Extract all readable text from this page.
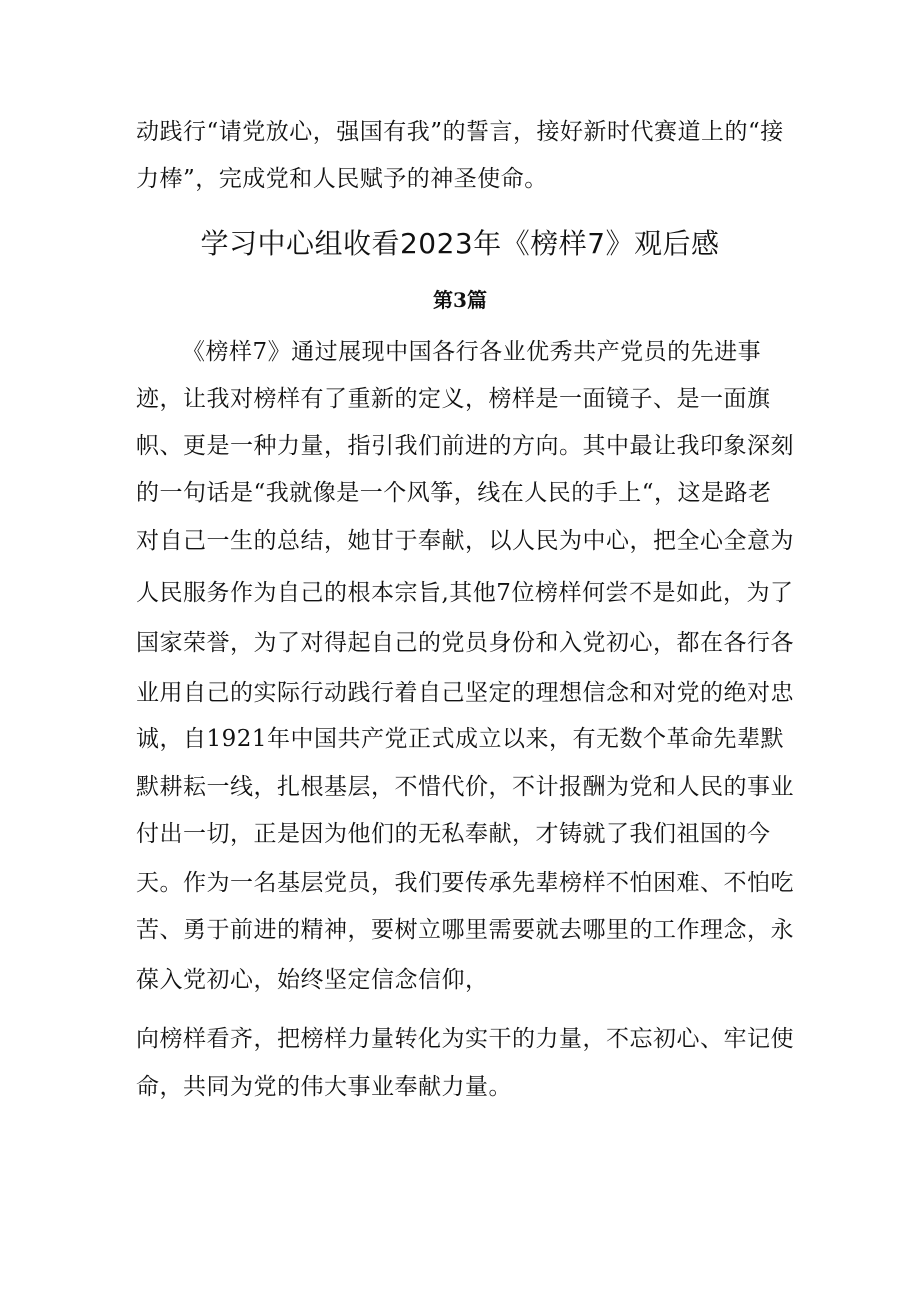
动践行“请党放心，强国有我”的誓言，接好新时代赛道上的“接

力棒”，完成党和人民赋予的神圣使命。

学习中心组收看2023年《榜样7》观后感
第3篇

《榜样7》通过展现中国各行各业优秀共产党员的先进事

迹，让我对榜样有了重新的定义，榜样是一面镜子、是一面旗

帜、更是一种力量，指引我们前进的方向。其中最让我印象深刻

的一句话是“我就像是一个风筝，线在人民的手上“，这是路老

对自己一生的总结，她甘于奉献，以人民为中心，把全心全意为

人民服务作为自己的根本宗旨,其他7位榜样何尝不是如此，为了

国家荣誉，为了对得起自己的党员身份和入党初心，都在各行各

业用自己的实际行动践行着自己坚定的理想信念和对党的绝对忠

诚，自1921年中国共产党正式成立以来，有无数个革命先辈默

默耕耘一线，扎根基层，不惜代价，不计报酬为党和人民的事业

付出一切，正是因为他们的无私奉献，才铸就了我们祖国的今

天。作为一名基层党员，我们要传承先辈榜样不怕困难、不怕吃

苦、勇于前进的精神，要树立哪里需要就去哪里的工作理念，永

葆入党初心，始终坚定信念信仰，

向榜样看齐，把榜样力量转化为实干的力量，不忘初心、牢记使

命，共同为党的伟大事业奉献力量。
